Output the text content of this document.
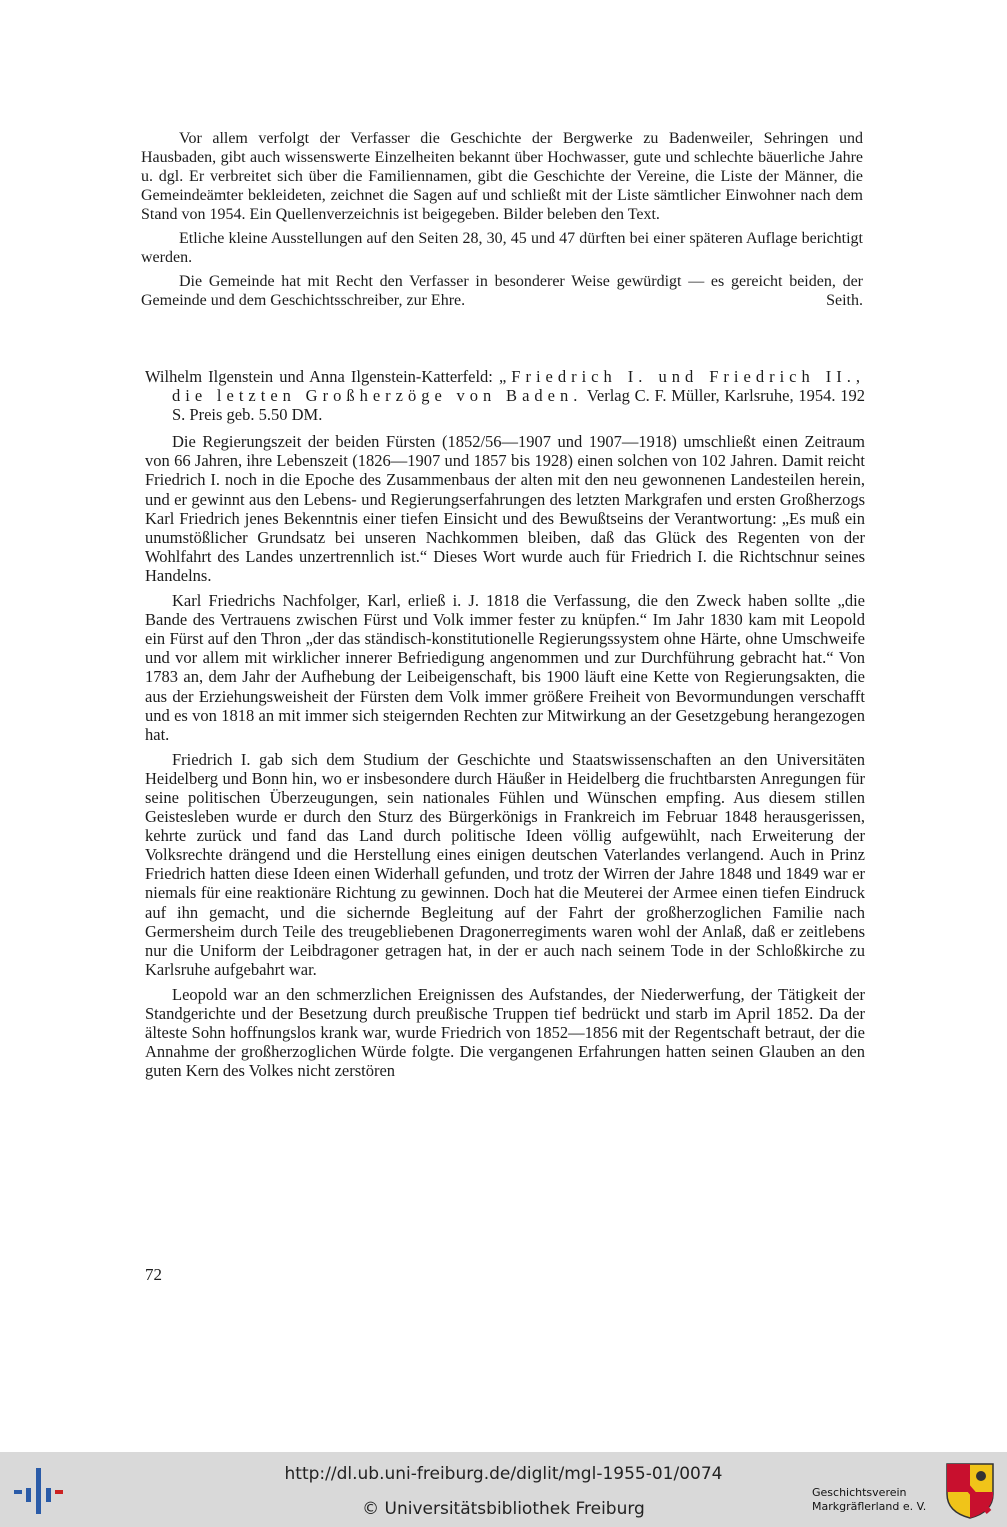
Vor allem verfolgt der Verfasser die Geschichte der Bergwerke zu Badenweiler, Sehringen und Hausbaden, gibt auch wissenswerte Einzelheiten bekannt über Hochwasser, gute und schlechte bäuerliche Jahre u. dgl. Er verbreitet sich über die Familiennamen, gibt die Geschichte der Vereine, die Liste der Männer, die Gemeindeämter bekleideten, zeichnet die Sagen auf und schließt mit der Liste sämtlicher Einwohner nach dem Stand von 1954. Ein Quellenverzeichnis ist beigegeben. Bilder beleben den Text.

Etliche kleine Ausstellungen auf den Seiten 28, 30, 45 und 47 dürften bei einer späteren Auflage berichtigt werden.

Die Gemeinde hat mit Recht den Verfasser in besonderer Weise gewürdigt — es gereicht beiden, der Gemeinde und dem Geschichtsschreiber, zur Ehre.	Seith.

Wilhelm Ilgenstein und Anna Ilgenstein-Katterfeld: „Friedrich I. und Friedrich II., die letzten Großherzöge von Baden. Verlag C. F. Müller, Karlsruhe, 1954. 192 S. Preis geb. 5.50 DM.

Die Regierungszeit der beiden Fürsten (1852/56—1907 und 1907—1918) umschließt einen Zeitraum von 66 Jahren, ihre Lebenszeit (1826—1907 und 1857 bis 1928) einen solchen von 102 Jahren. Damit reicht Friedrich I. noch in die Epoche des Zusammenbaus der alten mit den neu gewonnenen Landesteilen herein, und er gewinnt aus den Lebens- und Regierungserfahrungen des letzten Markgrafen und ersten Großherzogs Karl Friedrich jenes Bekenntnis einer tiefen Einsicht und des Bewußtseins der Verantwortung: „Es muß ein unumstößlicher Grundsatz bei unseren Nachkommen bleiben, daß das Glück des Regenten von der Wohlfahrt des Landes unzertrennlich ist.“ Dieses Wort wurde auch für Friedrich I. die Richtschnur seines Handelns.

Karl Friedrichs Nachfolger, Karl, erließ i. J. 1818 die Verfassung, die den Zweck haben sollte „die Bande des Vertrauens zwischen Fürst und Volk immer fester zu knüpfen.“ Im Jahr 1830 kam mit Leopold ein Fürst auf den Thron „der das ständisch-konstitutionelle Regierungssystem ohne Härte, ohne Umschweife und vor allem mit wirklicher innerer Befriedigung angenommen und zur Durchführung gebracht hat.“ Von 1783 an, dem Jahr der Aufhebung der Leibeigenschaft, bis 1900 läuft eine Kette von Regierungsakten, die aus der Erziehungsweisheit der Fürsten dem Volk immer größere Freiheit von Bevormundungen verschafft und es von 1818 an mit immer sich steigernden Rechten zur Mitwirkung an der Gesetzgebung herangezogen hat.

Friedrich I. gab sich dem Studium der Geschichte und Staatswissenschaften an den Universitäten Heidelberg und Bonn hin, wo er insbesondere durch Häußer in Heidelberg die fruchtbarsten Anregungen für seine politischen Überzeugungen, sein nationales Fühlen und Wünschen empfing. Aus diesem stillen Geistesleben wurde er durch den Sturz des Bürgerkönigs in Frankreich im Februar 1848 herausgerissen, kehrte zurück und fand das Land durch politische Ideen völlig aufgewühlt, nach Erweiterung der Volksrechte drängend und die Herstellung eines einigen deutschen Vaterlandes verlangend. Auch in Prinz Friedrich hatten diese Ideen einen Widerhall gefunden, und trotz der Wirren der Jahre 1848 und 1849 war er niemals für eine reaktionäre Richtung zu gewinnen. Doch hat die Meuterei der Armee einen tiefen Eindruck auf ihn gemacht, und die sichernde Begleitung auf der Fahrt der großherzoglichen Familie nach Germersheim durch Teile des treugebliebenen Dragonerregiments waren wohl der Anlaß, daß er zeitlebens nur die Uniform der Leibdragoner getragen hat, in der er auch nach seinem Tode in der Schloßkirche zu Karlsruhe aufgebahrt war.

Leopold war an den schmerzlichen Ereignissen des Aufstandes, der Niederwerfung, der Tätigkeit der Standgerichte und der Besetzung durch preußische Truppen tief bedrückt und starb im April 1852. Da der älteste Sohn hoffnungslos krank war, wurde Friedrich von 1852—1856 mit der Regentschaft betraut, der die Annahme der großherzoglichen Würde folgte. Die vergangenen Erfahrungen hatten seinen Glauben an den guten Kern des Volkes nicht zerstören

72
http://dl.ub.uni-freiburg.de/diglit/mgl-1955-01/0074
© Universitätsbibliothek Freiburg
Geschichtsverein
Markgräflerland e. V.
